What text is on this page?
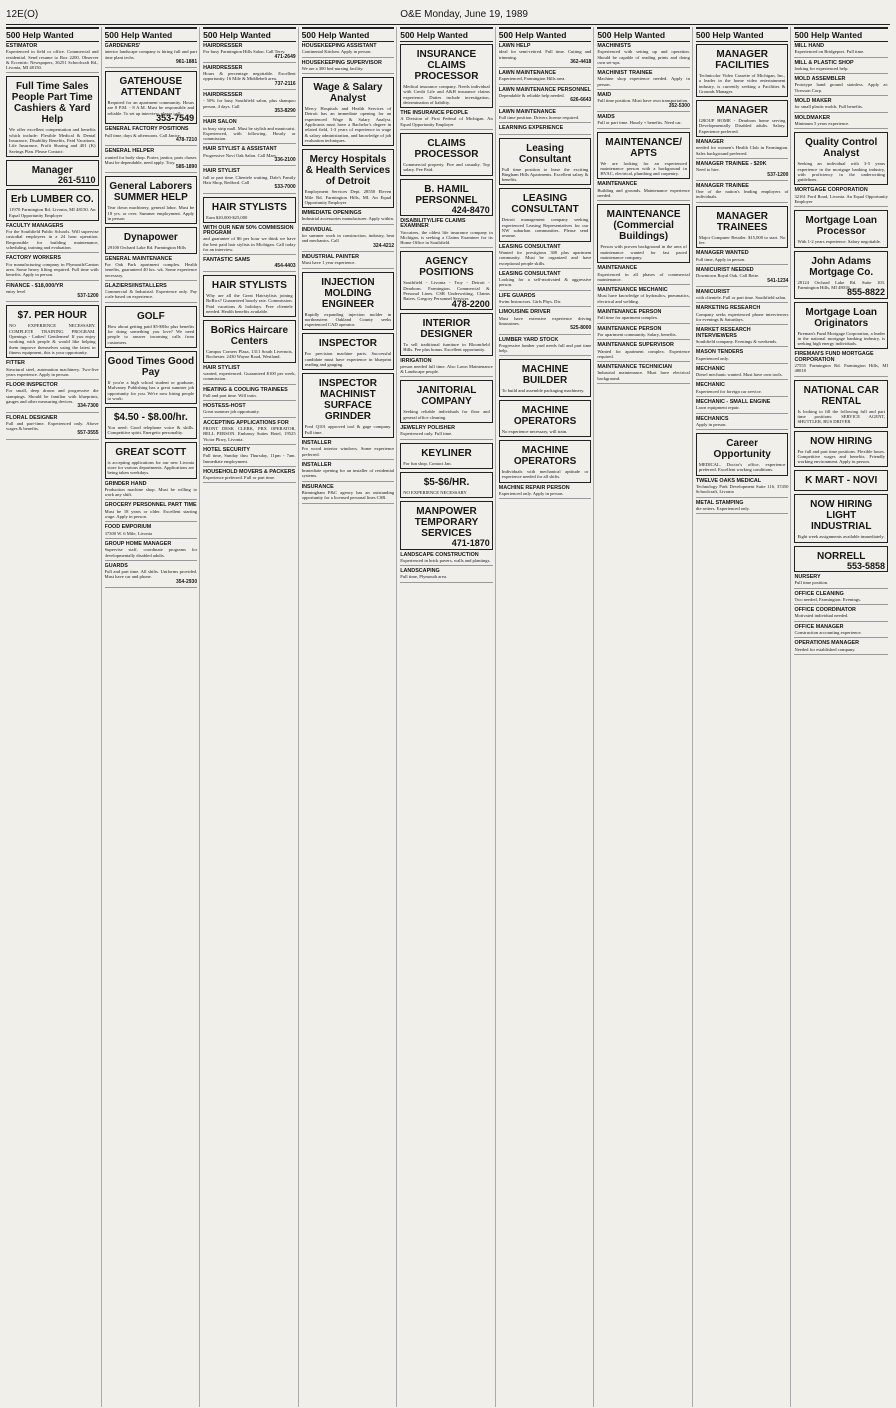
12E(O)	O&E Monday, June 19, 1989
500 Help Wanted
ESTIMATOR

Experienced in field or office. Commercial and residential. Send resume to Box 2200, Observer & Eccentric Newspapers, 36251 Schoolcraft Rd., Livonia, MI 48150.

Full Time Sales People Part Time Cashiers & Yard Help

We offer excellent compensation and benefits which include: Flexible Medical & Dental Insurance, Disability Benefits, Paid Vacations, Life Insurance, Profit Sharing and 401 (K) Savings Plan. Please Contact:

Manager
261-5110
Erb LUMBER CO.

11970 Farmington Rd. Livonia, MI 48150. An Equal Opportunity Employer

FACULTY MANAGERS

For the Southfield Public Schools. Will supervise custodial employees in a 24 hour operation. Responsible for building maintenance, scheduling, training and evaluation.

FACTORY WORKERS

For manufacturing company in Plymouth/Canton area. Some heavy lifting required. Full time with benefits. Apply in person.

FINANCE - $18,000/YR

entry level

537-1200
$7. PER HOUR

NO EXPERIENCE NECESSARY. COMPLETE TRAINING PROGRAM. Openings - Ladies! Gentlemen! If you enjoy working with people & would like helping them improve themselves using the latest in fitness equipment, this is your opportunity.

FITTER

Structural steel, automation machinery. Two-five years experience. Apply in person.

FLOOR INSPECTOR

For small, deep drawn and progressive die stampings. Should be familiar with blueprints, gauges and other measuring devices.

334-7300
FLORAL DESIGNER

Full and part-time. Experienced only. Above wages & benefits.

557-3555
500 Help Wanted
GARDENERS'

interior landscape company is hiring full and part time plant techs.

961-1881
GATEHOUSE ATTENDANT

Required for an apartment community. Hours are 8 P.M. - 8 A.M. Must be responsible and reliable. To set up interview, please call:

353-7549
GENERAL FACTORY POSITIONS

Full time, days & afternoons. Call Janice.

478-7210
GENERAL HELPER

wanted for body shop. Porter, janitor, parts chaser. Must be dependable, need apply. Troy.

585-1890
General Laborers SUMMER HELP

Tear down machinery, general labor. Must be 18 yrs. or over. Summer employment. Apply in person

Dynapower

29100 Orchard Lake Rd. Farmington Hills

GENERAL MAINTENANCE

For Oak Park apartment complex. Health benefits, guaranteed 40 hrs. wk. Some experience necessary.

GLAZIERS/INSTALLERS

Commercial & Industrial. Experience only. Pay scale based on experience.

GOLF

How about getting paid $5-$8/hr plus benefits for doing something you love? We need people to answer incoming calls from customers.

Good Times Good Pay

If you're a high school student or graduate, Mulvaney Publishing has a great summer job opportunity for you. We're now hiring people to work:

$4.50 - $8.00/hr.

You need: Good telephone voice & skills. Competitive spirit. Energetic personality.

GREAT SCOTT

is accepting applications for our new Livonia store for various departments. Applications are being taken weekdays.

GRINDER HAND

Production machine shop. Must be willing to work any shift.

GROCERY PERSONNEL PART TIME

Must be 18 years or older. Excellent starting wage. Apply in person.

FOOD EMPORIUM

37300 W. 6 Mile, Livonia

GROUP HOME MANAGER

Supervise staff, coordinate programs for developmentally disabled adults.

GUARDS

Full and part time. All shifts. Uniforms provided. Must have car and phone.

354-2930
500 Help Wanted
HAIRDRESSER

For busy Farmington Hills Salon. Call Terry.

471-2649
HAIRDRESSER

Hours & percentage negotiable. Excellent opportunity. 16 Mile & Middlebelt area.

737-2116
HAIRDRESSER

- 50% for busy Southfield salon, plus shampoo person, 4 days. Call

353-8290
HAIR SALON

in busy strip mall. Must be stylish and manicurist. Experienced, with following. Hourly or commission.

HAIR STYLIST & ASSISTANT

Progressive Novi Oak Salon. Call Mary.

336-2100
HAIR STYLIST

full or part time. Clientele waiting. Dale's Family Hair Shop, Redford. Call

533-7000
HAIR STYLISTS

Earn $20,000-$25,000

WITH OUR NEW 50% COMMISSION PROGRAM

and guarantee of $6 per hour we think we have the best paid hair stylists in Michigan. Call today for an interview.

FANTASTIC SAMS
454-4403
HAIR STYLISTS

Why are all the Great Hairstylists joining BoRics? Guaranteed hourly rate. Commission. Paid vacations & holidays. Free clientele needed. Health benefits available.

BoRics Haircare Centers

Campus Corners Plaza, 1311 South Livernois, Rochester. 2430 Wayne Road, Westland.

HAIR STYLIST

wanted, experienced. Guaranteed $100 per week, commission.

HEATING & COOLING TRAINEES

Full and part time. Will train.

HOSTESS-HOST

Great summer job opportunity.

ACCEPTING APPLICATIONS FOR

FRONT DESK CLERK, PBX OPERATOR, BELL PERSON. Embassy Suites Hotel, 19525 Victor Pkwy, Livonia.

HOTEL SECURITY

Full time, Sunday thru Thursday, 11pm - 7am. Immediate employment.

HOUSEHOLD MOVERS & PACKERS

Experience preferred. Full or part time.

500 Help Wanted
HOUSEKEEPING ASSISTANT

Continental Kitchen. Apply in person.

HOUSEKEEPING SUPERVISOR

We are a 300 bed nursing facility.

Wage & Salary Analyst

Mercy Hospitals and Health Services of Detroit has an immediate opening for an experienced Wage & Salary Analyst. Applicants must have a Bachelor's degree in related field, 1-3 years of experience in wage & salary administration, and knowledge of job evaluation techniques.

Mercy Hospitals & Health Services of Detroit

Employment Services Dept. 28550 Eleven Mile Rd. Farmington Hills, MI. An Equal Opportunity Employer

IMMEDIATE OPENINGS

Industrial accessories manufacturer. Apply within.

INDIVIDUAL

for summer work in construction, industry, heat and mechanics. Call

324-4212
INDUSTRIAL PAINTER

Must have 1 year experience.

INJECTION MOLDING ENGINEER

Rapidly expanding injection molder in northeastern Oakland County seeks experienced CAD operator.

INSPECTOR

For precision machine parts. Successful candidate must have experience in blueprint reading and gauging.

INSPECTOR MACHINIST SURFACE GRINDER

Ford Q101 approved tool & gage company. Full time.

INSTALLER

For wood interior windows. Some experience preferred.

INSTALLER

Immediate opening for an installer of residential systems.

INSURANCE

Birmingham P&C agency has an outstanding opportunity for a licensed personal lines CSR.

500 Help Wanted
INSURANCE CLAIMS PROCESSOR

Medical insurance company. Needs individual with Credit Life and A&H insurance claims experience. Duties include investigation, determination of liability.

THE INSURANCE PEOPLE

A Division of First Federal of Michigan. An Equal Opportunity Employer

CLAIMS PROCESSOR

Commercial property. Fire and casualty. Top salary. Fee Paid.

B. HAMIL PERSONNEL
424-8470
DISABILITY/LIFE CLAIMS EXAMINER

Vaccatees, the oldest life insurance company in Michigan, is seeking a Claims Examiner for its Home Office in Southfield.

AGENCY POSITIONS

Southfield - Livonia - Troy - Detroit - Dearborn. Farmington. Commercial & Personal Lines. CSR Underwriting, Claims Raters. Gregory Personnel Services

478-2200
INTERIOR DESIGNER

To sell traditional furniture in Bloomfield Hills. Fee plus bonus. Excellent opportunity.

IRRIGATION

person needed full time. Also Lawn Maintenance & Landscape people.

JANITORIAL COMPANY

Seeking reliable individuals for floor and general office cleaning.

JEWELRY POLISHER

Experienced only. Full time.

KEYLINER

For fun shop. Contact Jan.

$5-$6/HR.

NO EXPERIENCE NECESSARY

MANPOWER TEMPORARY SERVICES
471-1870
LANDSCAPE CONSTRUCTION

Experienced in brick pavers, walls and plantings.

LANDSCAPING

Full time, Plymouth area.

500 Help Wanted
LAWN HELP

ideal for semi-retired. Full time. Cutting and trimming.

362-4418
LAWN MAINTENANCE

Experienced, Farmington Hills area.

LAWN MAINTENANCE PERSONNEL

Dependable & reliable help needed.

626-6643
LAWN MAINTENANCE

Full time position. Drivers license required.

LEARNING EXPERIENCE
Leasing Consultant

Full time position to lease the exciting Bingham Hills Apartments. Excellent salary & benefits.

LEASING CONSULTANT

Detroit management company seeking experienced Leasing Representatives for our NW suburban communities. Please send resume.

LEASING CONSULTANT

Wanted for prestigious 300 plus apartment community. Must be organized and have exceptional people skills.

LEASING CONSULTANT

Looking for a self-motivated & aggressive person.

LIFE GUARDS

Swim Instructors. Girls Phys. Dir.

LIMOUSINE DRIVER

Must have extensive experience driving limousines.

525-8000
LUMBER YARD STOCK

Progressive lumber yard needs full and part time help.

MACHINE BUILDER

To build and assemble packaging machinery.

MACHINE OPERATORS

No experience necessary, will train.

MACHINE OPERATORS

Individuals with mechanical aptitude or experience needed for all shifts.

MACHINE REPAIR PERSON

Experienced only. Apply in person.

500 Help Wanted
MACHINISTS

Experienced with setting up and operation. Should be capable of reading prints and doing own set-ups.

MACHINIST TRAINEE

Machine shop experience needed. Apply in person.

MAID

Full time position. Must have own transportation.

352-5300
MAIDS

Full or part time. Hourly + benefits. Need car.

MAINTENANCE/ APTS

We are looking for an experienced maintenance person with a background in HVAC, electrical, plumbing and carpentry.

MAINTENANCE

Building and grounds. Maintenance experience needed.

MAINTENANCE (Commercial Buildings)

Person with proven background in the area of maintenance wanted for fast paced maintenance company.

MAINTENANCE

Experienced in all phases of commercial maintenance.

MAINTENANCE MECHANIC

Must have knowledge of hydraulics, pneumatics, electrical and welding.

MAINTENANCE PERSON

Full time for apartment complex.

MAINTENANCE PERSON

For apartment community. Salary, benefits.

MAINTENANCE SUPERVISOR

Wanted for apartment complex. Experience required.

MAINTENANCE TECHNICIAN

Industrial maintenance. Must have electrical background.

500 Help Wanted
MANAGER FACILITIES

Technicolor Video Cassette of Michigan, Inc., a leader in the home video entertainment industry, is currently seeking a Facilities & Grounds Manager.

MANAGER

GROUP HOME - Dearborn home serving Developmentally Disabled adults. Salary. Experience preferred.

MANAGER

needed for women's Health Club in Farmington. Sales background preferred.

MANAGER TRAINEE - $20K

Need to hire.

537-1200
MANAGER TRAINEE

One of the nation's leading employers of individuals.

MANAGER TRAINEES

Major Computer Retailer. $15,000 to start. No fee.

MANAGER WANTED

Full time, Apply in person.

MANICURIST NEEDED

Downtown Royal Oak. Call Bette.

541-1234
MANICURIST

with clientele. Full or part time. Southfield salon.

MARKETING RESEARCH

Company seeks experienced phone interviewers for evenings & Saturdays.

MARKET RESEARCH INTERVIEWERS

Southfield company. Evenings & weekends.

MASON TENDERS

Experienced only.

MECHANIC

Diesel mechanic wanted. Must have own tools.

MECHANIC

Experienced for foreign car service.

MECHANIC - SMALL ENGINE

Lawn equipment repair.

MECHANICS

Apply in person.

Career Opportunity

MEDICAL. Doctor's office, experience preferred. Excellent working conditions.

TWELVE OAKS MEDICAL

Technology Park Development Suite 116, 37450 Schoolcraft, Livonia

METAL STAMPING

die setters. Experienced only.

500 Help Wanted
MILL HAND

Experienced on Bridgeport. Full time.

MILL & PLASTIC SHOP

looking for experienced help.

MOLD ASSEMBLER

Prototype hand ground stainless. Apply at: Tirexson Corp.

MOLD MAKER

for small plastic molds. Full benefits.

MOLDMAKER

Minimum 5 years experience.

Quality Control Analyst

Seeking an individual with 3-5 years experience in the mortgage banking industry, with proficiency in the underwriting guidelines.

MORTGAGE CORPORATION

32161 Ford Road, Livonia. An Equal Opportunity Employer

Mortgage Loan Processor

With 1-2 years experience. Salary negotiable.

John Adams Mortgage Co.

28124 Orchard Lake Rd. Suite 103. Farmington Hills, MI 48018

855-8822
Mortgage Loan Originators

Fireman's Fund Mortgage Corporation, a leader in the national mortgage banking industry, is seeking high energy individuals.

FIREMAN'S FUND MORTGAGE CORPORATION

27555 Farmington Rd. Farmington Hills, MI 48018

NATIONAL CAR RENTAL

Is looking to fill the following full and part time positions: SERVICE AGENT, SHUTTLER, BUS DRIVER

NOW HIRING

For full and part time positions. Flexible hours. Competitive wages and benefits. Friendly working environment. Apply in person.

K MART - NOVI
NOW HIRING LIGHT INDUSTRIAL

Eight week assignments available immediately.

NORRELL
553-5858
NURSERY

Full time position.

OFFICE CLEANING

Two needed, Farmington. Evenings.

OFFICE COORDINATOR

Motivated individual needed.

OFFICE MANAGER

Construction accounting experience.

OPERATIONS MANAGER

Needed for established company.
